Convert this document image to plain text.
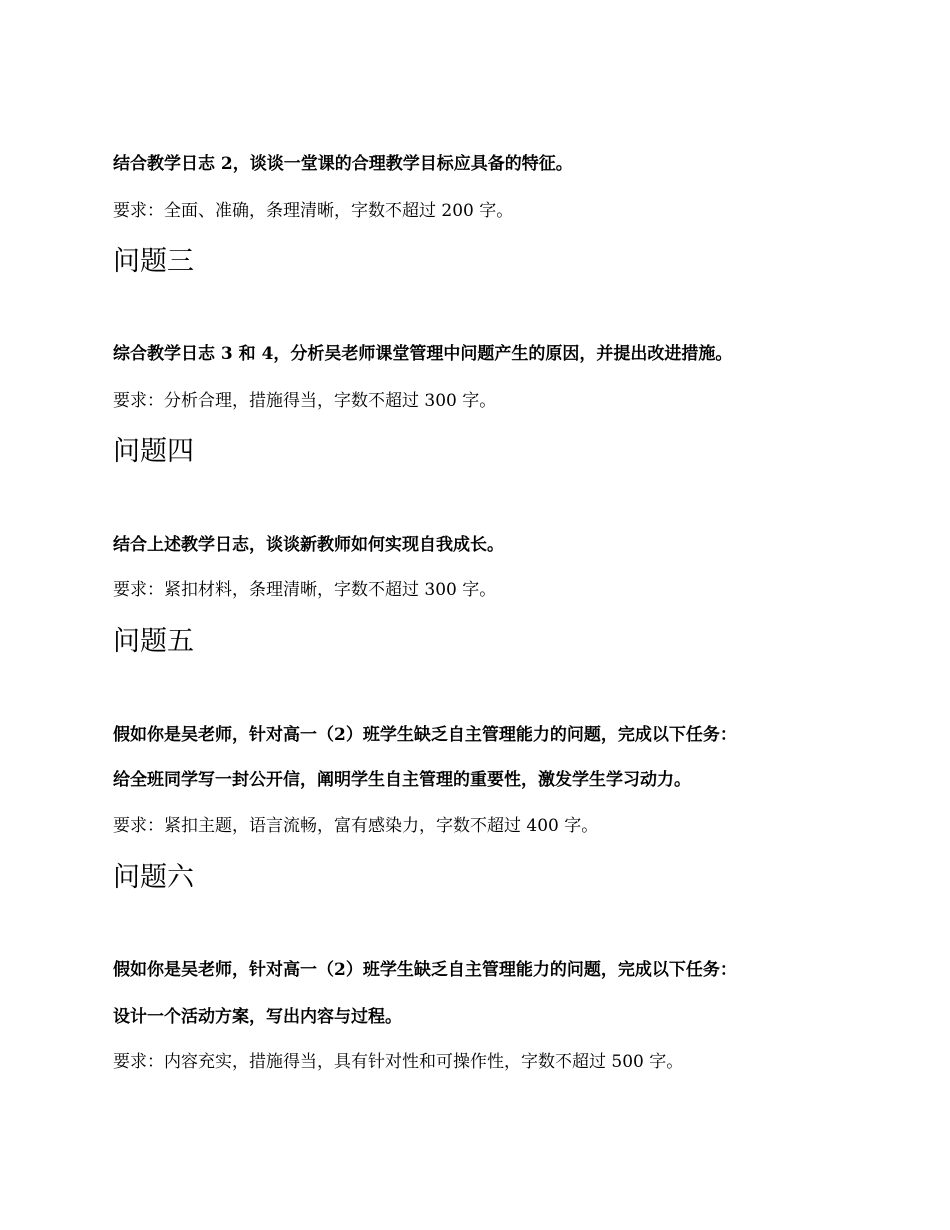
结合教学日志 2，谈谈一堂课的合理教学目标应具备的特征。

要求：全面、准确，条理清晰，字数不超过 200 字。

问题三

综合教学日志 3 和 4，分析吴老师课堂管理中问题产生的原因，并提出改进措施。

要求：分析合理，措施得当，字数不超过 300 字。

问题四

结合上述教学日志，谈谈新教师如何实现自我成长。

要求：紧扣材料，条理清晰，字数不超过 300 字。

问题五

假如你是吴老师，针对高一（2）班学生缺乏自主管理能力的问题，完成以下任务：

给全班同学写一封公开信，阐明学生自主管理的重要性，激发学生学习动力。

要求：紧扣主题，语言流畅，富有感染力，字数不超过 400 字。

问题六

假如你是吴老师，针对高一（2）班学生缺乏自主管理能力的问题，完成以下任务：

设计一个活动方案，写出内容与过程。

要求：内容充实，措施得当，具有针对性和可操作性，字数不超过 500 字。
